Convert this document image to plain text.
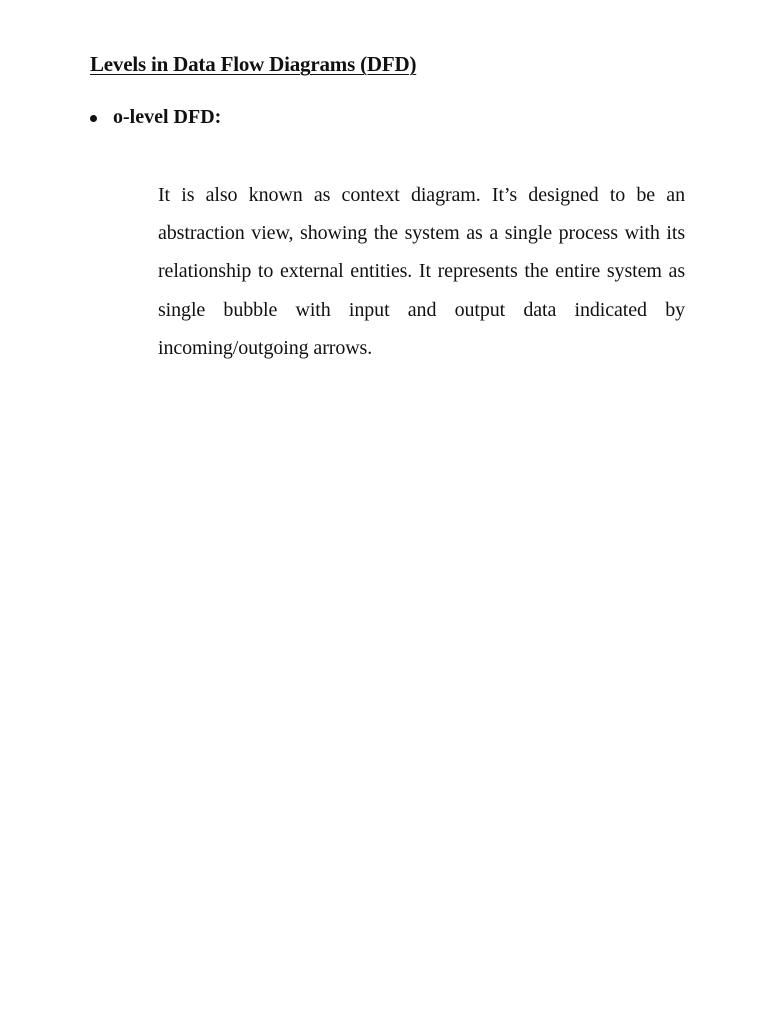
Levels in Data Flow Diagrams (DFD)
o-level DFD:

It is also known as context diagram. It’s designed to be an abstraction view, showing the system as a single process with its relationship to external entities. It represents the entire system as single bubble with input and output data indicated by incoming/outgoing arrows.
